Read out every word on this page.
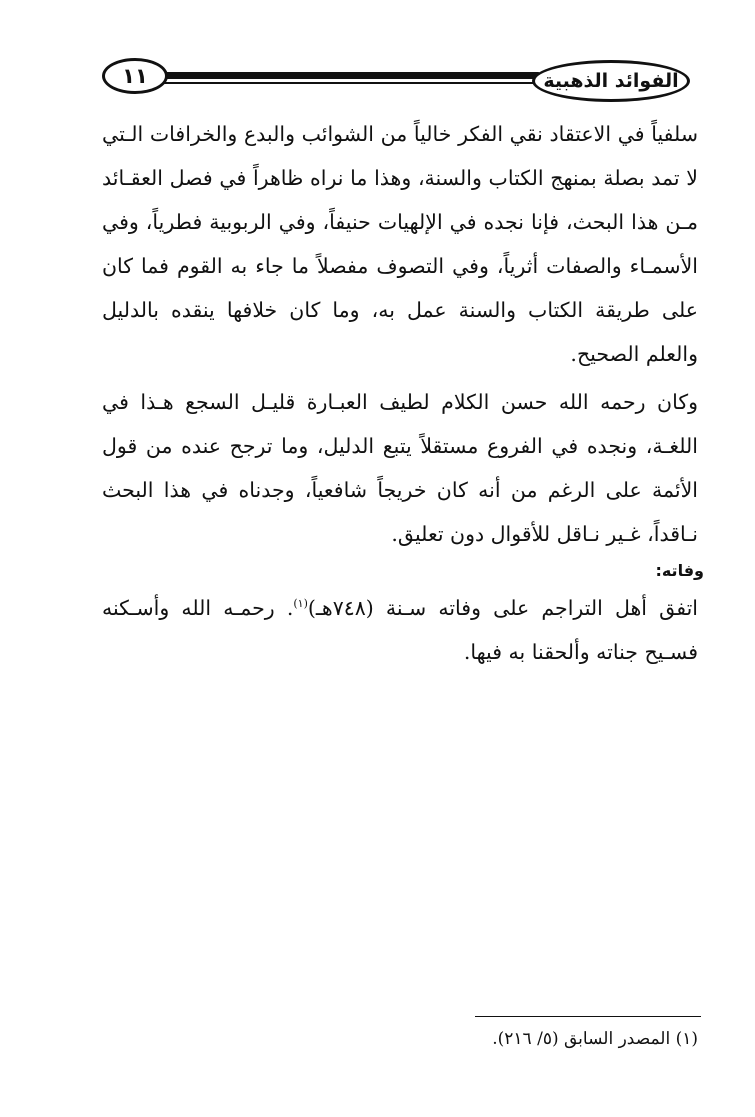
١١	الفوائد الذهبية

سلفياً في الاعتقاد نقي الفكر خالياً من الشوائب والبدع والخرافات الـتي لا تمد بصلة بمنهج الكتاب والسنة، وهذا ما نراه ظاهراً في فصل العقـائد مـن هذا البحث، فإنا نجده في الإلهيات حنيفاً، وفي الربوبية فطرياً، وفي الأسمـاء والصفات أثرياً، وفي التصوف مفصلاً ما جاء به القوم فما كان على طريقة الكتاب والسنة عمل به، وما كان خلافها ينقده بالدليل والعلم الصحيح.

وكان رحمه الله حسن الكلام لطيف العبـارة قليـل السجع هـذا في اللغـة، ونجده في الفروع مستقلاً يتبع الدليل، وما ترجح عنده من قول الأئمة على الرغم من أنه كان خريجاً شافعياً، وجدناه في هذا البحث نـاقداً، غـير نـاقل للأقوال دون تعليق.

وفاته:

اتفق أهل التراجم على وفاته سـنة (٧٤٨هـ)$^{(١)}$. رحمـه الله وأسـكنه فسـيح جناته وألحقنا به فيها.

(١) المصدر السابق (٥/ ٢١٦).
